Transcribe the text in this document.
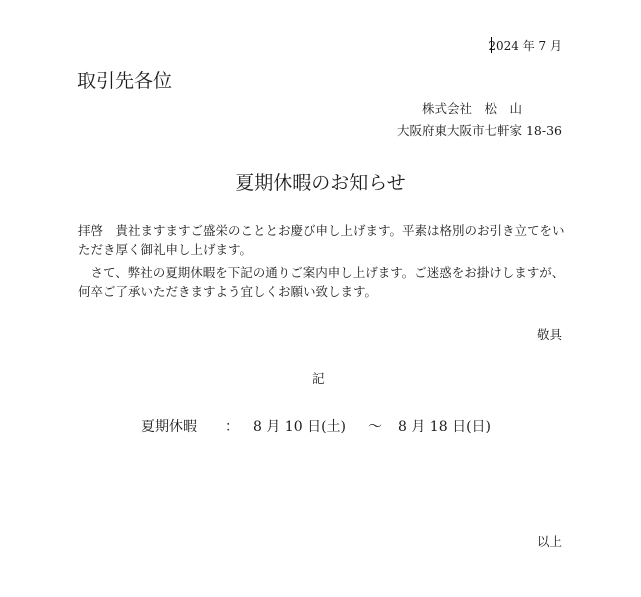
2024 年 7 月
取引先各位
株式会社　松　山
大阪府東大阪市七軒家 18-36
夏期休暇のお知らせ
拝啓　貴社ますますご盛栄のこととお慶び申し上げます。平素は格別のお引き立てをいただき厚く御礼申し上げます。
　さて、弊社の夏期休暇を下記の通りご案内申し上げます。ご迷惑をお掛けしますが、何卒ご了承いただきますよう宜しくお願い致します。
敬具
記
夏期休暇 ： 8 月 10 日(土) ～ 8 月 18 日(日)
以上
